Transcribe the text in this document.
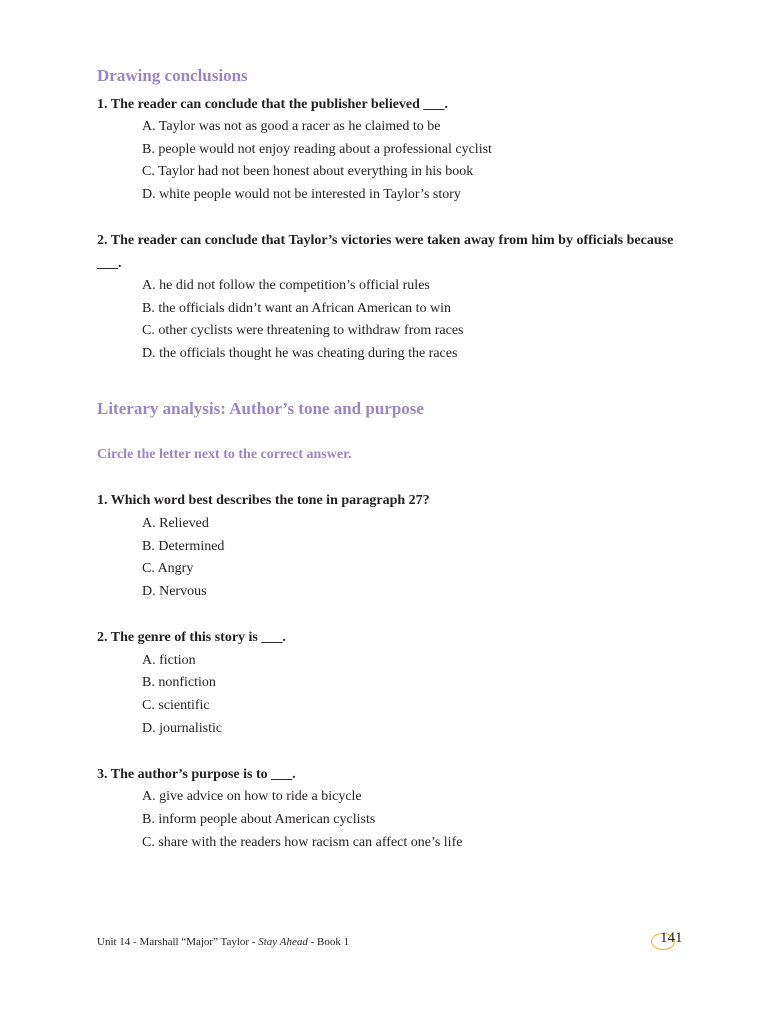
Drawing conclusions

1. The reader can conclude that the publisher believed ___.

A. Taylor was not as good a racer as he claimed to be

B. people would not enjoy reading about a professional cyclist

C. Taylor had not been honest about everything in his book

D. white people would not be interested in Taylor’s story

2. The reader can conclude that Taylor’s victories were taken away from him by officials because ___.

A. he did not follow the competition’s official rules

B. the officials didn’t want an African American to win

C. other cyclists were threatening to withdraw from races

D. the officials thought he was cheating during the races

Literary analysis: Author’s tone and purpose

Circle the letter next to the correct answer.

1. Which word best describes the tone in paragraph 27?

A. Relieved

B. Determined

C. Angry

D. Nervous

2. The genre of this story is ___.

A. fiction

B. nonfiction

C. scientific

D. journalistic

3. The author’s purpose is to ___.

A. give advice on how to ride a bicycle

B. inform people about American cyclists

C. share with the readers how racism can affect one’s life

Unit 14 - Marshall “Major” Taylor - Stay Ahead - Book 1	141
